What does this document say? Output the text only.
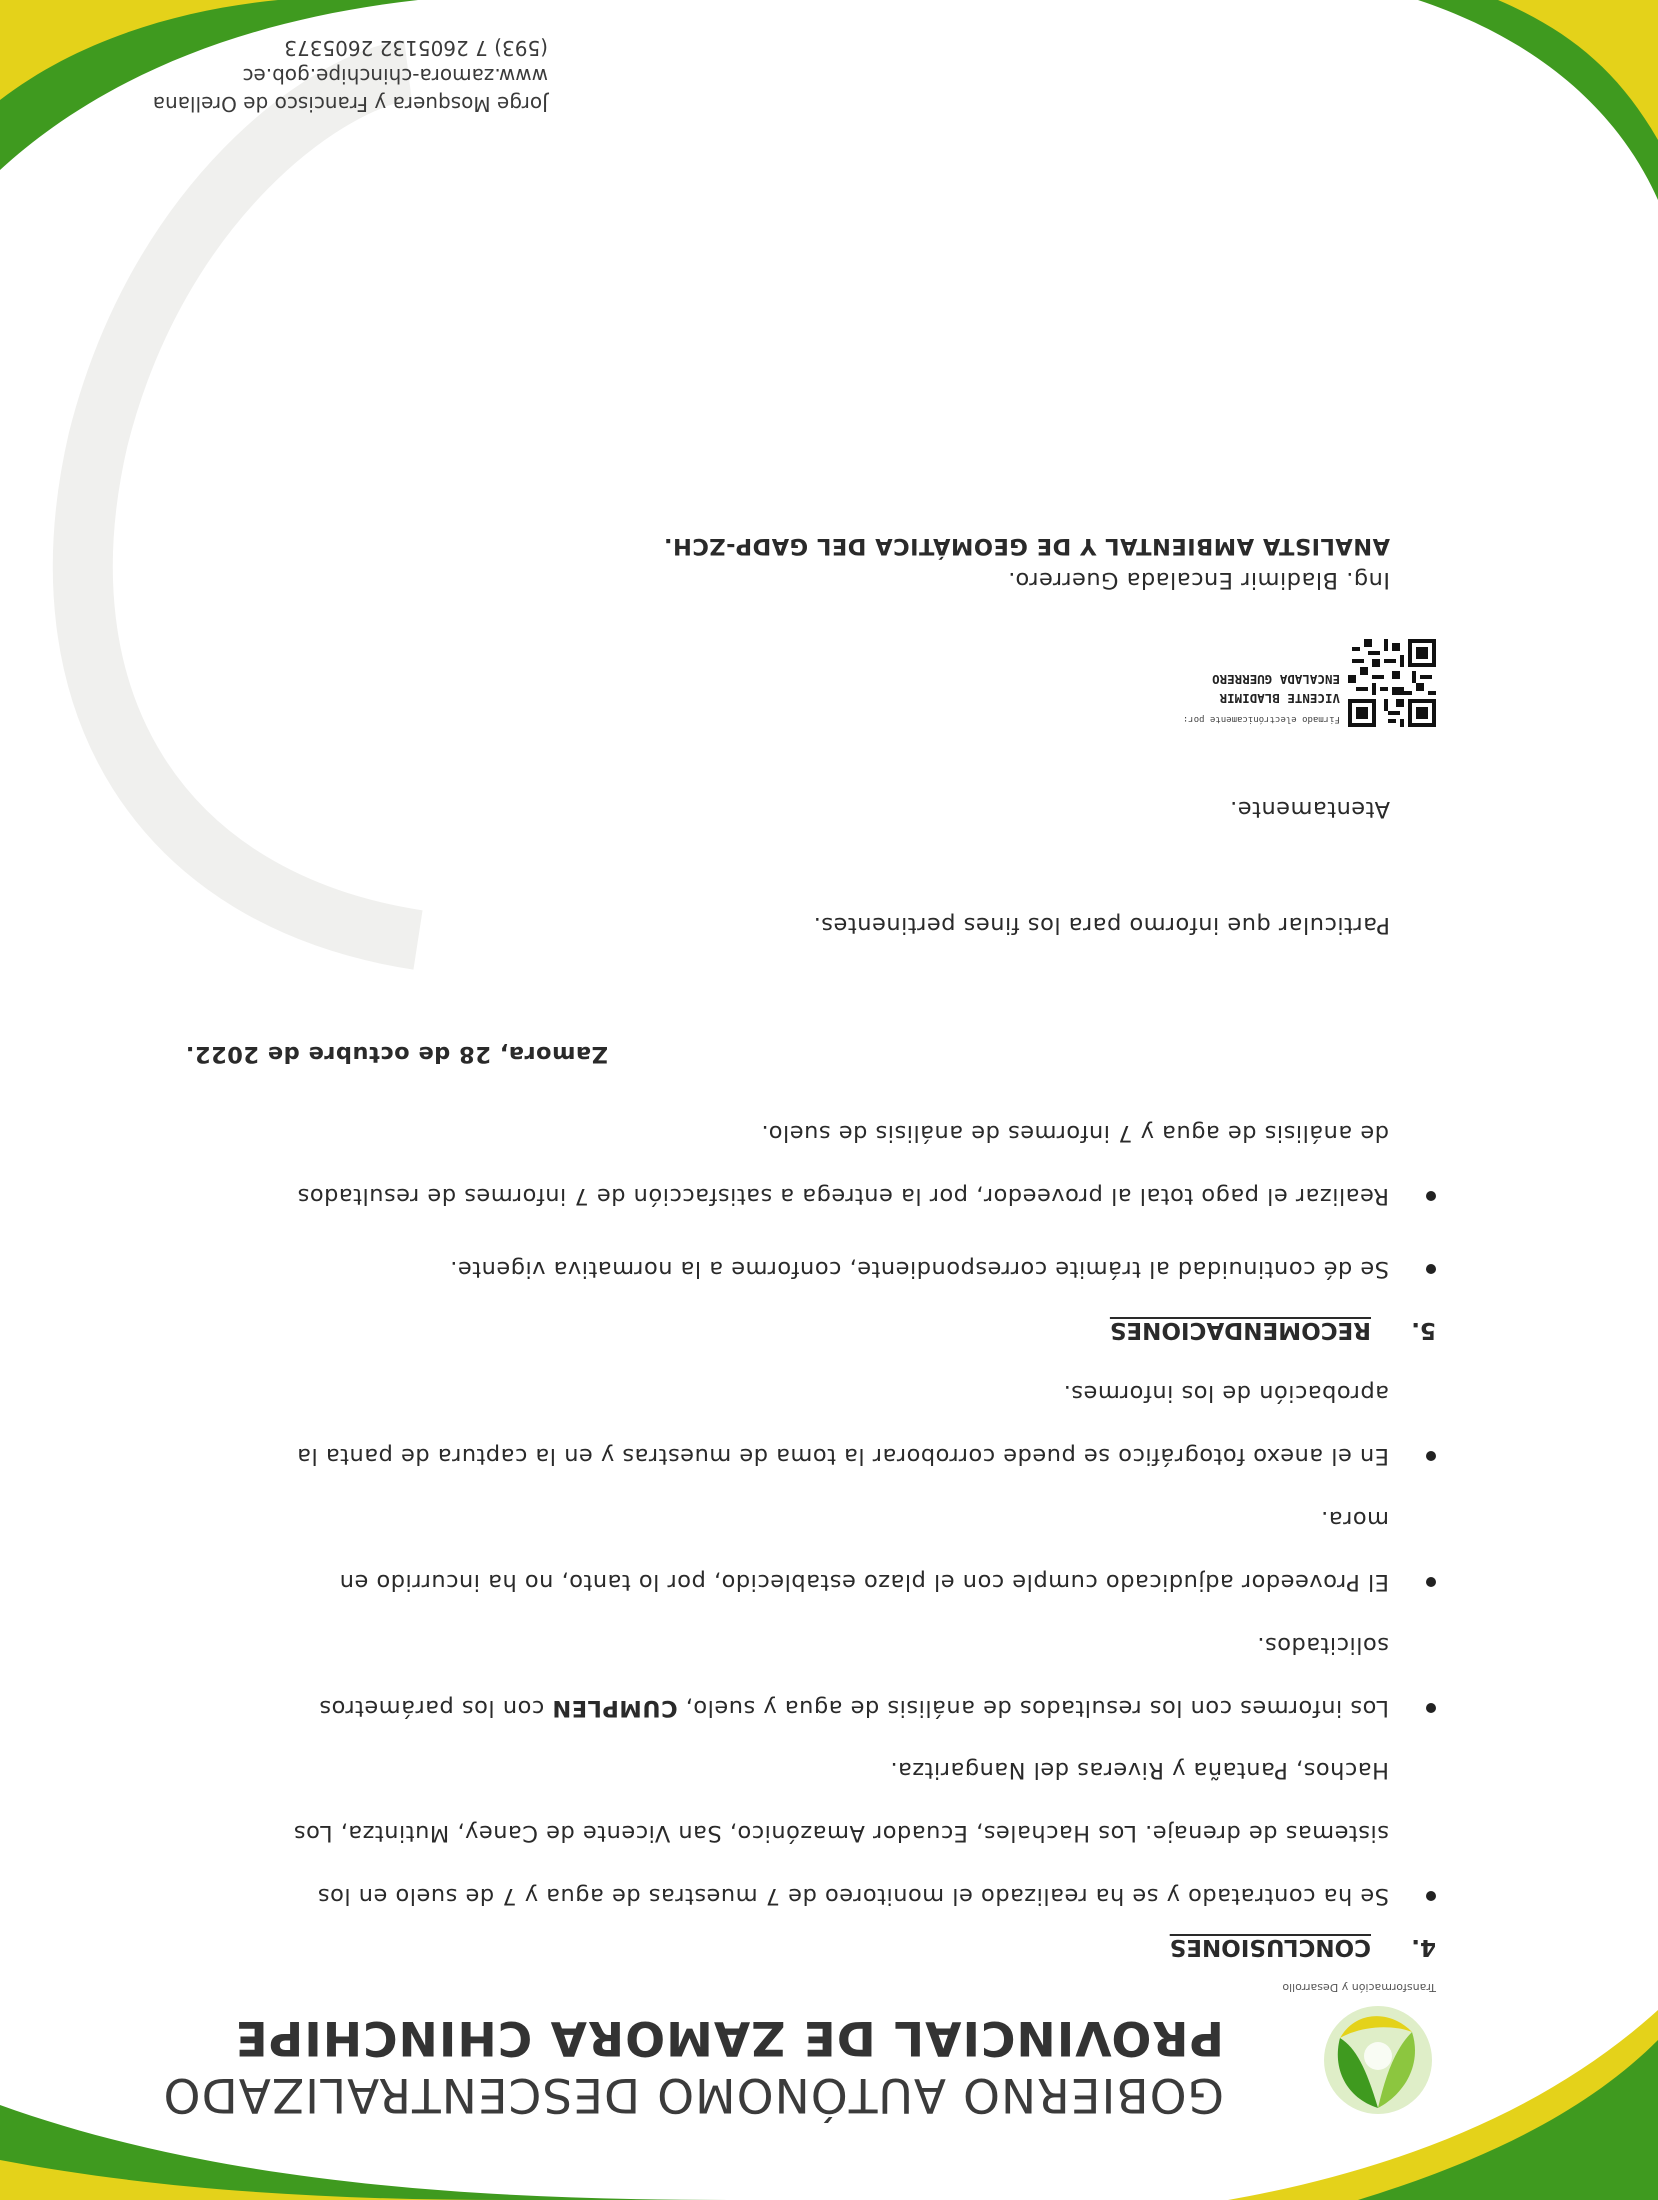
GOBIERNO AUTÓNOMO DESCENTRALIZADO
PROVINCIAL DE ZAMORA CHINCHIPE
Transformación y Desarrollo
4.
CONCLUSIONES
Se ha contratado y se ha realizado el monitoreo de 7 muestras de agua y 7 de suelo en los
sistemas de drenaje. Los Hachales, Ecuador Amazónico, San Vicente de Caney, Mutintza, Los
Hachos, Pantaña y Riveras del Nangaritza.
Los informes con los resultados de análisis de agua y suelo, CUMPLEN con los parámetros
solicitados.
El Proveedor adjudicado cumple con el plazo establecido, por lo tanto, no ha incurrido en
mora.
En el anexo fotográfico se puede corroborar la toma de muestras y en la captura de panta la
aprobación de los informes.
5.
RECOMENDACIONES
Se dé continuidad al trámite correspondiente, conforme a la normativa vigente.
Realizar el pago total al proveedor, por la entrega a satisfacción de 7 informes de resultados
de análisis de agua y 7 informes de análisis de suelo.
Zamora, 28 de octubre de 2022.
Particular que informo para los fines pertinentes.
Atentamente.
Firmado electrónicamente por:
VICENTE BLADIMIR
ENCALADA GUERRERO
Ing. Bladimir Encalada Guerrero.
ANALISTA AMBIENTAL Y DE GEOMÁTICA DEL GADP-ZCH.
Jorge Mosquera y Francisco de Orellana
www.zamora-chinchipe.gob.ec
(593) 7 2605132 2605373
